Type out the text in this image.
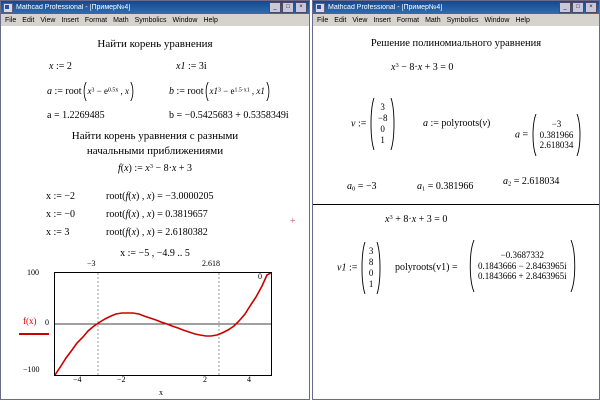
Mathcad Professional - [Пример№4]	_	□	×
File Edit View Insert Format Math Symbolics Window Help
Найти корень уравнения
x := 2	x1 := 3i
a := root $x^3 - e^{0.5x}$ , x	b := root $x1^3 - e^{1.5\cdot x1}$ , x1
a = 1.2269485	b = −0.5425683 + 0.5358349i
Найти корень уравнения с разными
начальными приближениями
f(x) := $x^3 - 8\cdot x + 3$
x := −2	root(f(x) , x) = −3.0000205
x := −0	root(f(x) , x) = 0.3819657
x := 3	root(f(x) , x) = 2.6180382
x := −5 , −4.9 .. 5
+
100
0
−100
−4	−2	2	4
−3	2.618
0
f(x)
x
Mathcad Professional - [Пример№4]	_	□	×
File Edit View Insert Format Math Symbolics Window Help
Решение полиномиального уравнения
$x^3 - 8\cdot x + 3 = 0$
v :=
3
−8
0
1
a := polyroots(v)
a =
−3
0.381966
2.618034
$a_0 = -3$	$a_1 = 0.381966$	$a_2 = 2.618034$
$x^3 + 8\cdot x + 3 = 0$
v1 :=
3
8
0
1
polyroots(v1) =
−0.3687332
0.1843666 − 2.8463965i
0.1843666 + 2.8463965i
